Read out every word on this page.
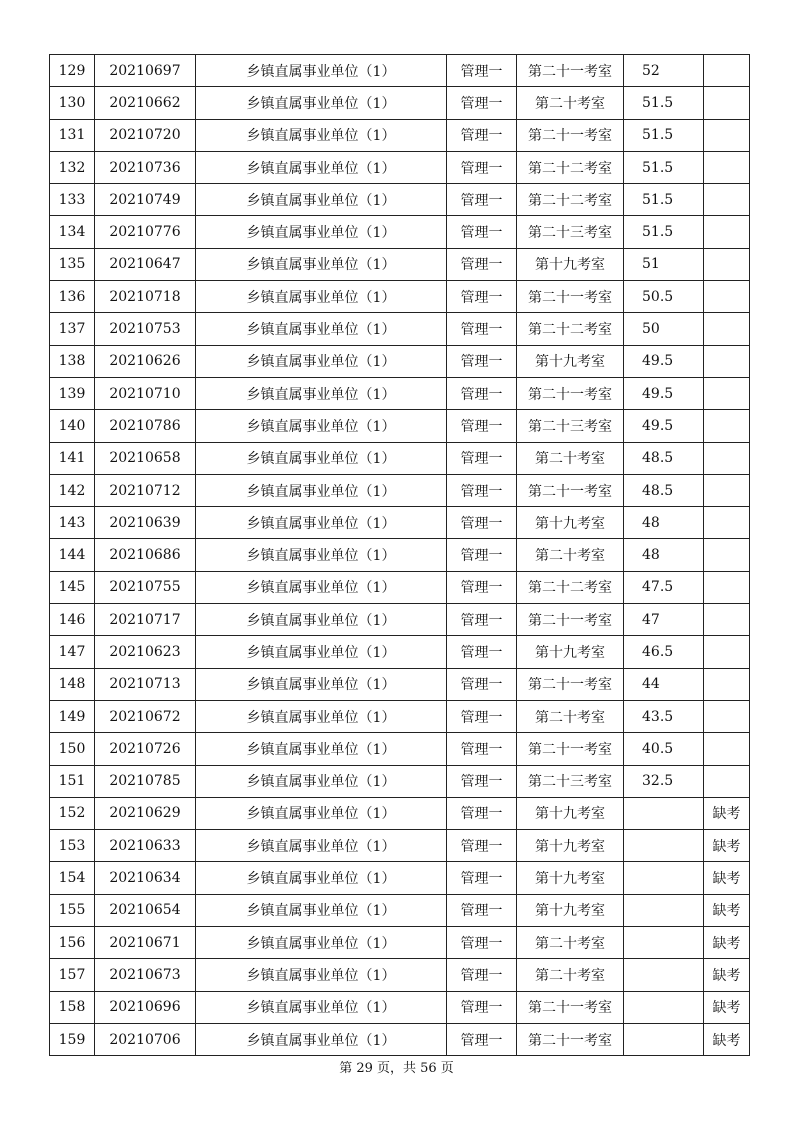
129	20210697	乡镇直属事业单位（1）	管理一	第二十一考室	52	
130	20210662	乡镇直属事业单位（1）	管理一	第二十考室	51.5	
131	20210720	乡镇直属事业单位（1）	管理一	第二十一考室	51.5	
132	20210736	乡镇直属事业单位（1）	管理一	第二十二考室	51.5	
133	20210749	乡镇直属事业单位（1）	管理一	第二十二考室	51.5	
134	20210776	乡镇直属事业单位（1）	管理一	第二十三考室	51.5	
135	20210647	乡镇直属事业单位（1）	管理一	第十九考室	51	
136	20210718	乡镇直属事业单位（1）	管理一	第二十一考室	50.5	
137	20210753	乡镇直属事业单位（1）	管理一	第二十二考室	50	
138	20210626	乡镇直属事业单位（1）	管理一	第十九考室	49.5	
139	20210710	乡镇直属事业单位（1）	管理一	第二十一考室	49.5	
140	20210786	乡镇直属事业单位（1）	管理一	第二十三考室	49.5	
141	20210658	乡镇直属事业单位（1）	管理一	第二十考室	48.5	
142	20210712	乡镇直属事业单位（1）	管理一	第二十一考室	48.5	
143	20210639	乡镇直属事业单位（1）	管理一	第十九考室	48	
144	20210686	乡镇直属事业单位（1）	管理一	第二十考室	48	
145	20210755	乡镇直属事业单位（1）	管理一	第二十二考室	47.5	
146	20210717	乡镇直属事业单位（1）	管理一	第二十一考室	47	
147	20210623	乡镇直属事业单位（1）	管理一	第十九考室	46.5	
148	20210713	乡镇直属事业单位（1）	管理一	第二十一考室	44	
149	20210672	乡镇直属事业单位（1）	管理一	第二十考室	43.5	
150	20210726	乡镇直属事业单位（1）	管理一	第二十一考室	40.5	
151	20210785	乡镇直属事业单位（1）	管理一	第二十三考室	32.5	
152	20210629	乡镇直属事业单位（1）	管理一	第十九考室		缺考
153	20210633	乡镇直属事业单位（1）	管理一	第十九考室		缺考
154	20210634	乡镇直属事业单位（1）	管理一	第十九考室		缺考
155	20210654	乡镇直属事业单位（1）	管理一	第十九考室		缺考
156	20210671	乡镇直属事业单位（1）	管理一	第二十考室		缺考
157	20210673	乡镇直属事业单位（1）	管理一	第二十考室		缺考
158	20210696	乡镇直属事业单位（1）	管理一	第二十一考室		缺考
159	20210706	乡镇直属事业单位（1）	管理一	第二十一考室		缺考
第 29 页，共 56 页
